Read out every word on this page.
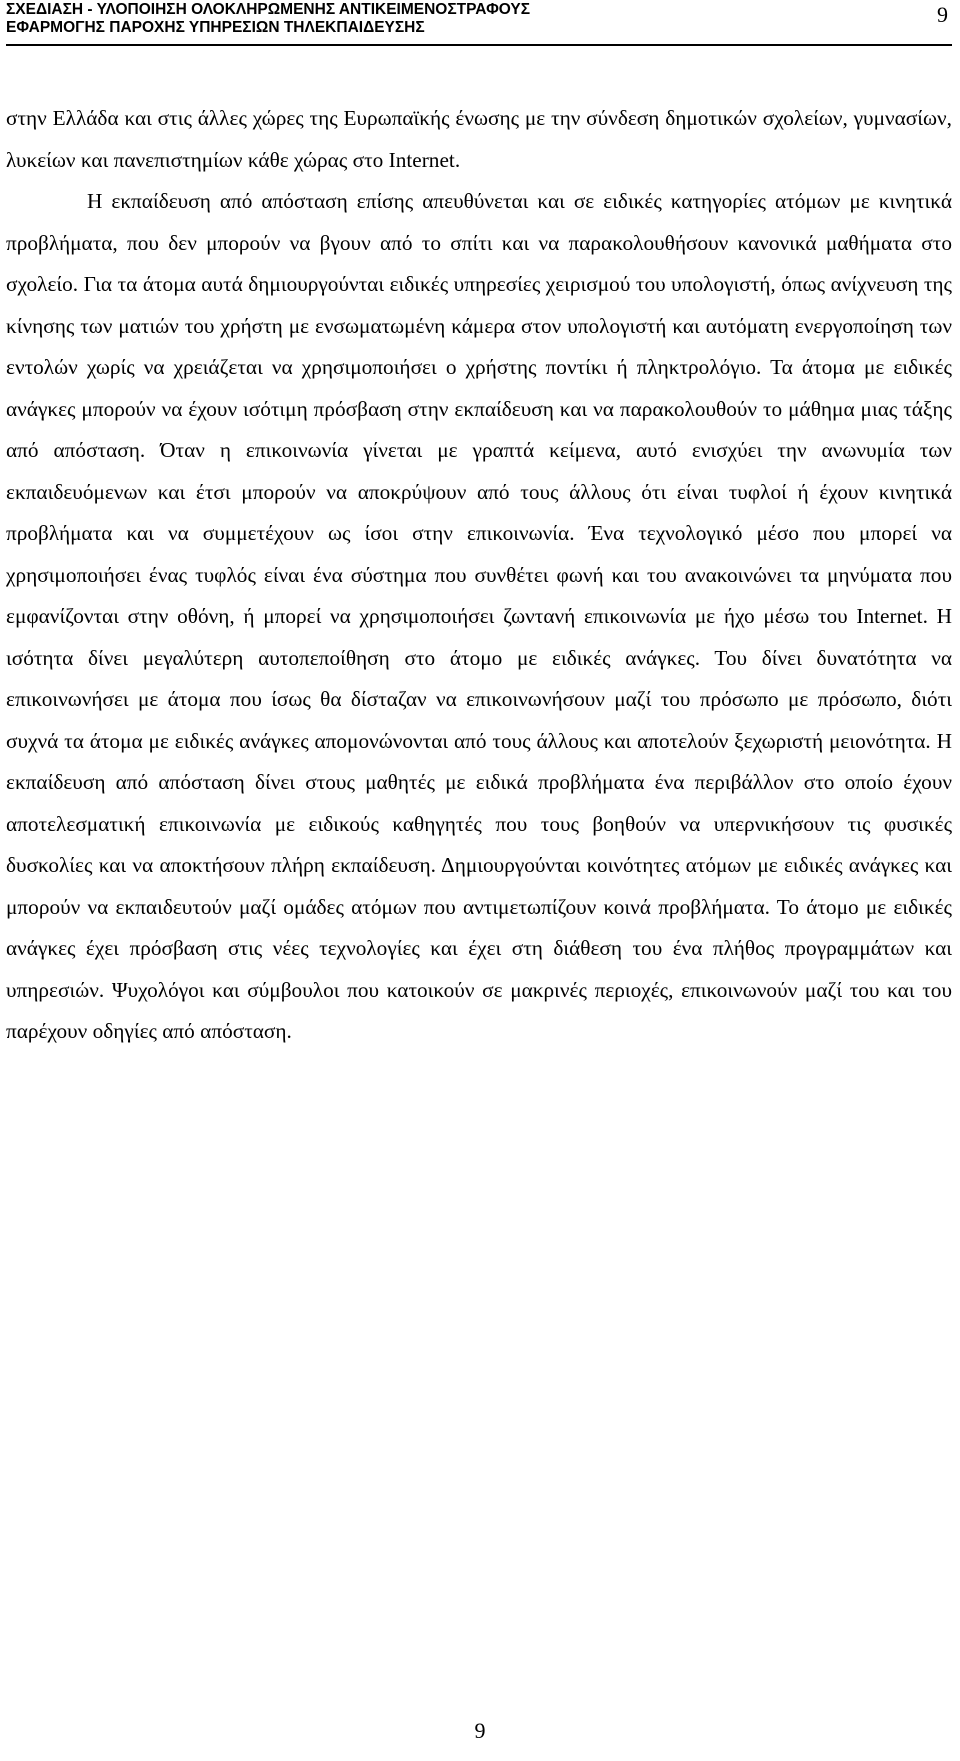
ΣΧΕΔΙΑΣΗ - ΥΛΟΠΟΙΗΣΗ ΟΛΟΚΛΗΡΩΜΕΝΗΣ ΑΝΤΙΚΕΙΜΕΝΟΣΤΡΑΦΟΥΣ
ΕΦΑΡΜΟΓΗΣ ΠΑΡΟΧΗΣ ΥΠΗΡΕΣΙΩΝ ΤΗΛΕΚΠΑΙΔΕΥΣΗΣ
9

στην Ελλάδα και στις άλλες χώρες της Ευρωπαϊκής ένωσης με την σύνδεση δημοτικών σχολείων, γυμνασίων, λυκείων και πανεπιστημίων κάθε χώρας στο Internet.

Η εκπαίδευση από απόσταση επίσης απευθύνεται και σε ειδικές κατηγορίες ατόμων με κινητικά προβλήματα, που δεν μπορούν να βγουν από το σπίτι και να παρακολουθήσουν κανονικά μαθήματα στο σχολείο. Για τα άτομα αυτά δημιουργούνται ειδικές υπηρεσίες χειρισμού του υπολογιστή, όπως ανίχνευση της κίνησης των ματιών του χρήστη με ενσωματωμένη κάμερα στον υπολογιστή και αυτόματη ενεργοποίηση των εντολών χωρίς να χρειάζεται να χρησιμοποιήσει ο χρήστης ποντίκι ή πληκτρολόγιο. Τα άτομα με ειδικές ανάγκες μπορούν να έχουν ισότιμη πρόσβαση στην εκπαίδευση και να παρακολουθούν το μάθημα μιας τάξης από απόσταση. Όταν η επικοινωνία γίνεται με γραπτά κείμενα, αυτό ενισχύει την ανωνυμία των εκπαιδευόμενων και έτσι μπορούν να αποκρύψουν από τους άλλους ότι είναι τυφλοί ή έχουν κινητικά προβλήματα και να συμμετέχουν ως ίσοι στην επικοινωνία. Ένα τεχνολογικό μέσο που μπορεί να χρησιμοποιήσει ένας τυφλός είναι ένα σύστημα που συνθέτει φωνή και του ανακοινώνει τα μηνύματα που εμφανίζονται στην οθόνη, ή μπορεί να χρησιμοποιήσει ζωντανή επικοινωνία με ήχο μέσω του Internet. Η ισότητα δίνει μεγαλύτερη αυτοπεποίθηση στο άτομο με ειδικές ανάγκες. Του δίνει δυνατότητα να επικοινωνήσει με άτομα που ίσως θα δίσταζαν να επικοινωνήσουν μαζί του πρόσωπο με πρόσωπο, διότι συχνά τα άτομα με ειδικές ανάγκες απομονώνονται από τους άλλους και αποτελούν ξεχωριστή μειονότητα. Η εκπαίδευση από απόσταση δίνει στους μαθητές με ειδικά προβλήματα ένα περιβάλλον στο οποίο έχουν αποτελεσματική επικοινωνία με ειδικούς καθηγητές που τους βοηθούν να υπερνικήσουν τις φυσικές δυσκολίες και να αποκτήσουν πλήρη εκπαίδευση. Δημιουργούνται κοινότητες ατόμων με ειδικές ανάγκες και μπορούν να εκπαιδευτούν μαζί ομάδες ατόμων που αντιμετωπίζουν κοινά προβλήματα. Το άτομο με ειδικές ανάγκες έχει πρόσβαση στις νέες τεχνολογίες και έχει στη διάθεση του ένα πλήθος προγραμμάτων και υπηρεσιών. Ψυχολόγοι και σύμβουλοι που κατοικούν σε μακρινές περιοχές, επικοινωνούν μαζί του και του παρέχουν οδηγίες από απόσταση.

9
